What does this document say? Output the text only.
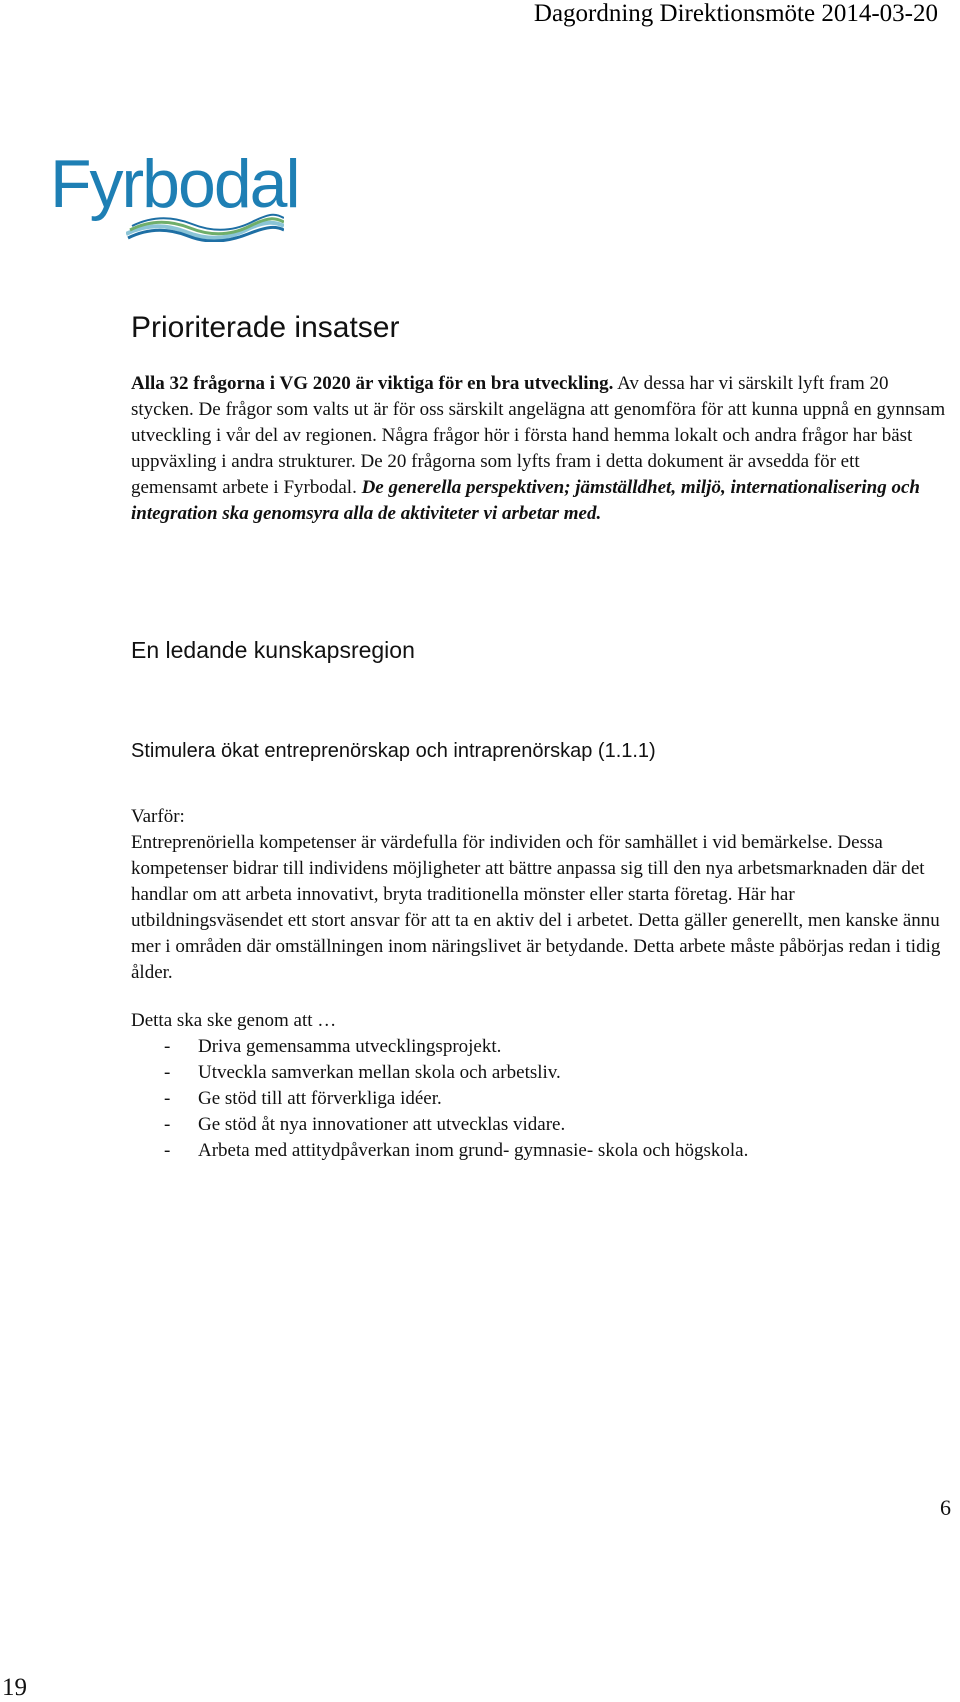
Dagordning Direktionsmöte 2014-03-20
Fyrbodal
Prioriterade insatser

Alla 32 frågorna i VG 2020 är viktiga för en bra utveckling. Av dessa har vi särskilt lyft fram 20 stycken. De frågor som valts ut är för oss särskilt angelägna att genomföra för att kunna uppnå en gynnsam utveckling i vår del av regionen. Några frågor hör i första hand hemma lokalt och andra frågor har bäst uppväxling i andra strukturer. De 20 frågorna som lyfts fram i detta dokument är avsedda för ett gemensamt arbete i Fyrbodal. De generella perspektiven; jämställdhet, miljö, internationalisering och integration ska genomsyra alla de aktiviteter vi arbetar med.

En ledande kunskapsregion
Stimulera ökat entreprenörskap och intraprenörskap (1.1.1)

Varför:

Entreprenöriella kompetenser är värdefulla för individen och för samhället i vid bemärkelse. Dessa kompetenser bidrar till individens möjligheter att bättre anpassa sig till den nya arbetsmarknaden där det handlar om att arbeta innovativt, bryta traditionella mönster eller starta företag. Här har utbildningsväsendet ett stort ansvar för att ta en aktiv del i arbetet. Detta gäller generellt, men kanske ännu mer i områden där omställningen inom näringslivet är betydande. Detta arbete måste påbörjas redan i tidig ålder.

Detta ska ske genom att …

- Driva gemensamma utvecklingsprojekt.
- Utveckla samverkan mellan skola och arbetsliv.
- Ge stöd till att förverkliga idéer.
- Ge stöd åt nya innovationer att utvecklas vidare.
- Arbeta med attitydpåverkan inom grund- gymnasie- skola och högskola.
6
19
